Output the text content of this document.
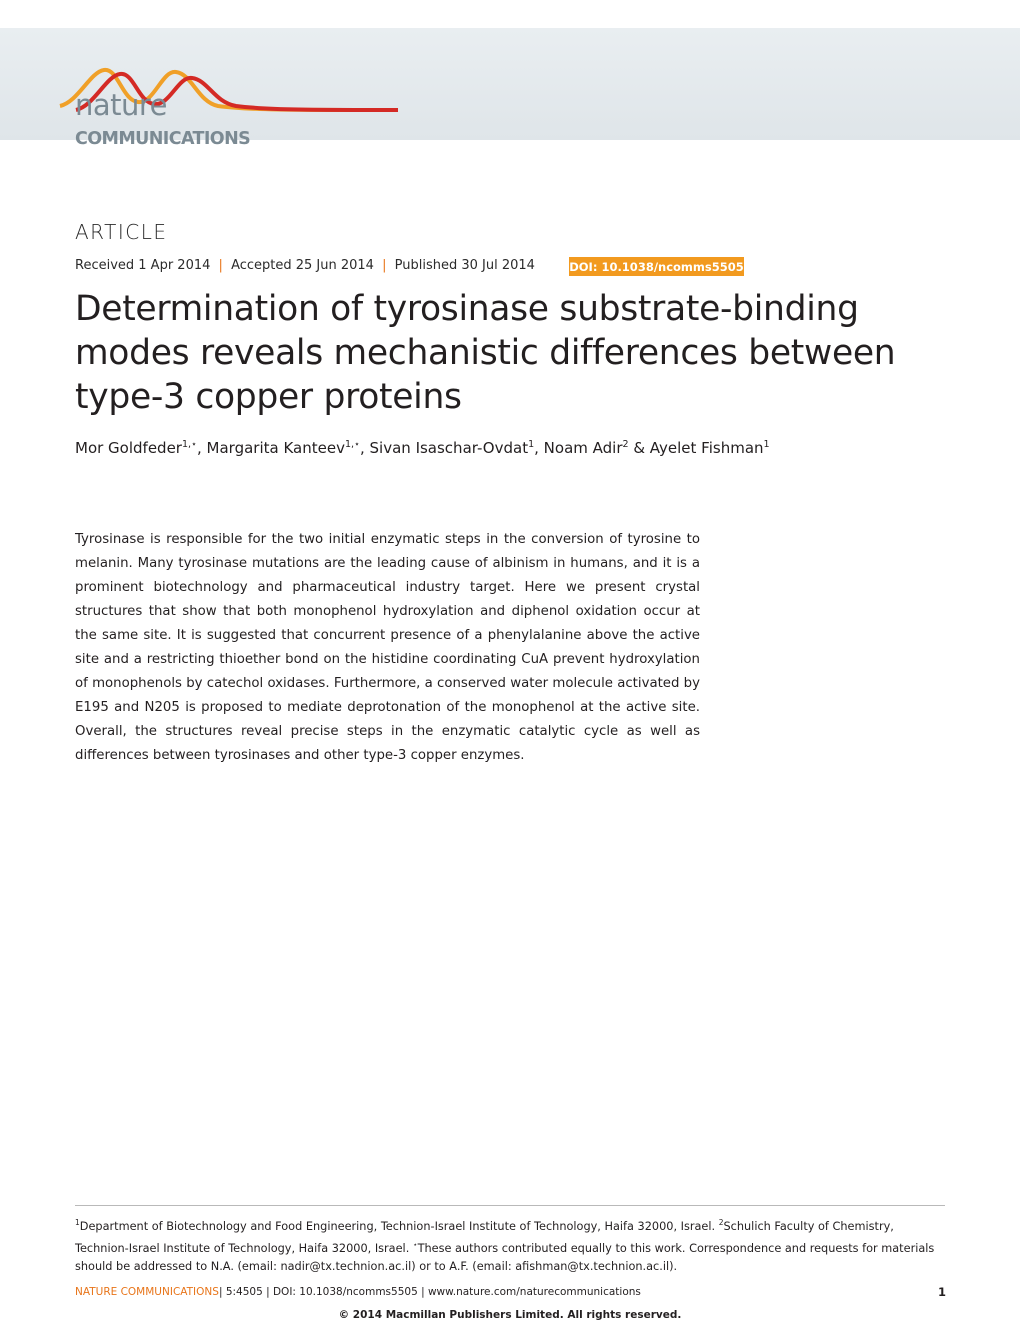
nature
COMMUNICATIONS
ARTICLE
Received 1 Apr 2014 | Accepted 25 Jun 2014 | Published 30 Jul 2014	DOI: 10.1038/ncomms5505
Determination of tyrosinase substrate-binding modes reveals mechanistic differences between type-3 copper proteins
Mor Goldfeder$^{1,⋆}$, Margarita Kanteev$^{1,⋆}$, Sivan Isaschar-Ovdat$^1$, Noam Adir$^2$ & Ayelet Fishman$^1$

Tyrosinase is responsible for the two initial enzymatic steps in the conversion of tyrosine to melanin. Many tyrosinase mutations are the leading cause of albinism in humans, and it is a prominent biotechnology and pharmaceutical industry target. Here we present crystal structures that show that both monophenol hydroxylation and diphenol oxidation occur at the same site. It is suggested that concurrent presence of a phenylalanine above the active site and a restricting thioether bond on the histidine coordinating CuA prevent hydroxylation of monophenols by catechol oxidases. Furthermore, a conserved water molecule activated by E195 and N205 is proposed to mediate deprotonation of the monophenol at the active site. Overall, the structures reveal precise steps in the enzymatic catalytic cycle as well as differences between tyrosinases and other type-3 copper enzymes.

$^1$Department of Biotechnology and Food Engineering, Technion-Israel Institute of Technology, Haifa 32000, Israel. $^2$Schulich Faculty of Chemistry, Technion-Israel Institute of Technology, Haifa 32000, Israel. ⋆These authors contributed equally to this work. Correspondence and requests for materials should be addressed to N.A. (email: nadir@tx.technion.ac.il) or to A.F. (email: afishman@tx.technion.ac.il).

NATURE COMMUNICATIONS| 5:4505 | DOI: 10.1038/ncomms5505 | www.nature.com/naturecommunications	1
© 2014 Macmillan Publishers Limited. All rights reserved.
